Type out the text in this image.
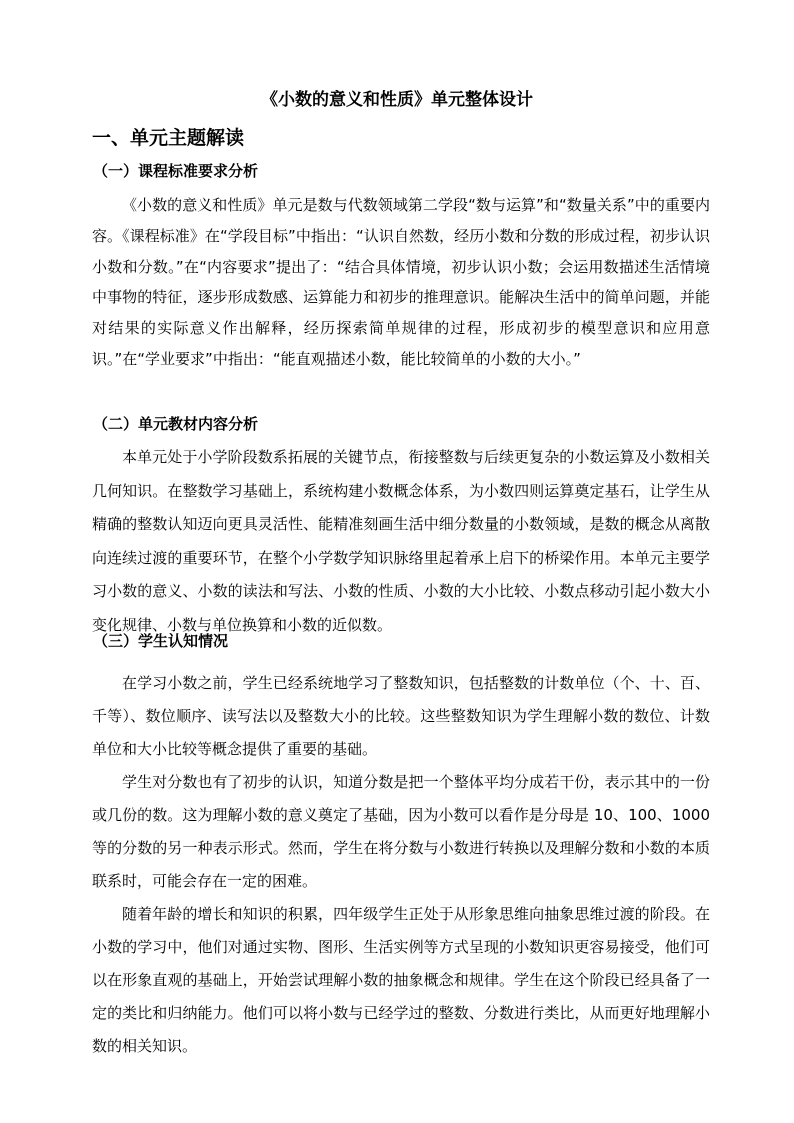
《小数的意义和性质》单元整体设计
一、单元主题解读
（一）课程标准要求分析

《小数的意义和性质》单元是数与代数领域第二学段“数与运算”和“数量关系”中的重要内容。《课程标准》在“学段目标”中指出：“认识自然数，经历小数和分数的形成过程，初步认识小数和分数。”在“内容要求”提出了：“结合具体情境，初步认识小数；会运用数描述生活情境中事物的特征，逐步形成数感、运算能力和初步的推理意识。能解决生活中的简单问题，并能对结果的实际意义作出解释，经历探索简单规律的过程，形成初步的模型意识和应用意识。”在“学业要求”中指出：“能直观描述小数，能比较简单的小数的大小。”

（二）单元教材内容分析

本单元处于小学阶段数系拓展的关键节点，衔接整数与后续更复杂的小数运算及小数相关几何知识。在整数学习基础上，系统构建小数概念体系，为小数四则运算奠定基石，让学生从精确的整数认知迈向更具灵活性、能精准刻画生活中细分数量的小数领域，是数的概念从离散向连续过渡的重要环节，在整个小学数学知识脉络里起着承上启下的桥梁作用。本单元主要学习小数的意义、小数的读法和写法、小数的性质、小数的大小比较、小数点移动引起小数大小变化规律、小数与单位换算和小数的近似数。

（三）学生认知情况

在学习小数之前，学生已经系统地学习了整数知识，包括整数的计数单位（个、十、百、千等）、数位顺序、读写法以及整数大小的比较。这些整数知识为学生理解小数的数位、计数单位和大小比较等概念提供了重要的基础。

学生对分数也有了初步的认识，知道分数是把一个整体平均分成若干份，表示其中的一份或几份的数。这为理解小数的意义奠定了基础，因为小数可以看作是分母是 10、100、1000 等的分数的另一种表示形式。然而，学生在将分数与小数进行转换以及理解分数和小数的本质联系时，可能会存在一定的困难。

随着年龄的增长和知识的积累，四年级学生正处于从形象思维向抽象思维过渡的阶段。在小数的学习中，他们对通过实物、图形、生活实例等方式呈现的小数知识更容易接受，他们可以在形象直观的基础上，开始尝试理解小数的抽象概念和规律。学生在这个阶段已经具备了一定的类比和归纳能力。他们可以将小数与已经学过的整数、分数进行类比，从而更好地理解小数的相关知识。
